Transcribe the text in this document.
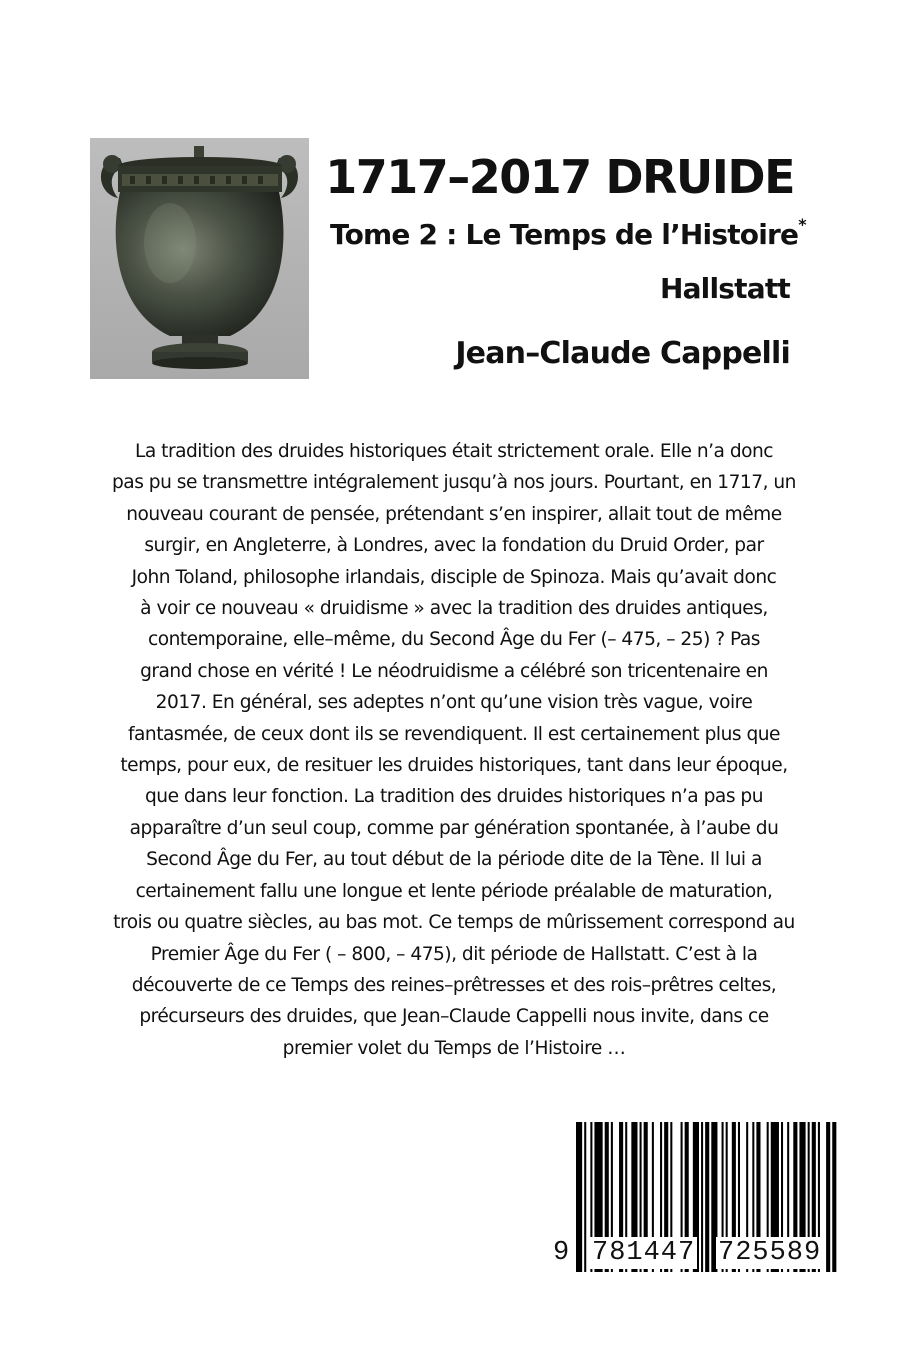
1717–2017 DRUIDE

Tome 2 : Le Temps de l’Histoire*

Hallstatt

Jean–Claude Cappelli

La tradition des druides historiques était strictement orale. Elle n’a donc
pas pu se transmettre intégralement jusqu’à nos jours. Pourtant, en 1717, un
nouveau courant de pensée, prétendant s’en inspirer, allait tout de même
surgir, en Angleterre, à Londres, avec la fondation du Druid Order, par
John Toland, philosophe irlandais, disciple de Spinoza. Mais qu’avait donc
à voir ce nouveau « druidisme » avec la tradition des druides antiques,
contemporaine, elle–même, du Second Âge du Fer (– 475, – 25) ? Pas
grand chose en vérité ! Le néodruidisme a célébré son tricentenaire en
2017. En général, ses adeptes n’ont qu’une vision très vague, voire
fantasmée, de ceux dont ils se revendiquent. Il est certainement plus que
temps, pour eux, de resituer les druides historiques, tant dans leur époque,
que dans leur fonction. La tradition des druides historiques n’a pas pu
apparaître d’un seul coup, comme par génération spontanée, à l’aube du
Second Âge du Fer, au tout début de la période dite de la Tène. Il lui a
certainement fallu une longue et lente période préalable de maturation,
trois ou quatre siècles, au bas mot. Ce temps de mûrissement correspond au
Premier Âge du Fer ( – 800, – 475), dit période de Hallstatt. C’est à la
découverte de ce Temps des reines–prêtresses et des rois–prêtres celtes,
précurseurs des druides, que Jean–Claude Cappelli nous invite, dans ce
premier volet du Temps de l’Histoire …
9 781447 725589
